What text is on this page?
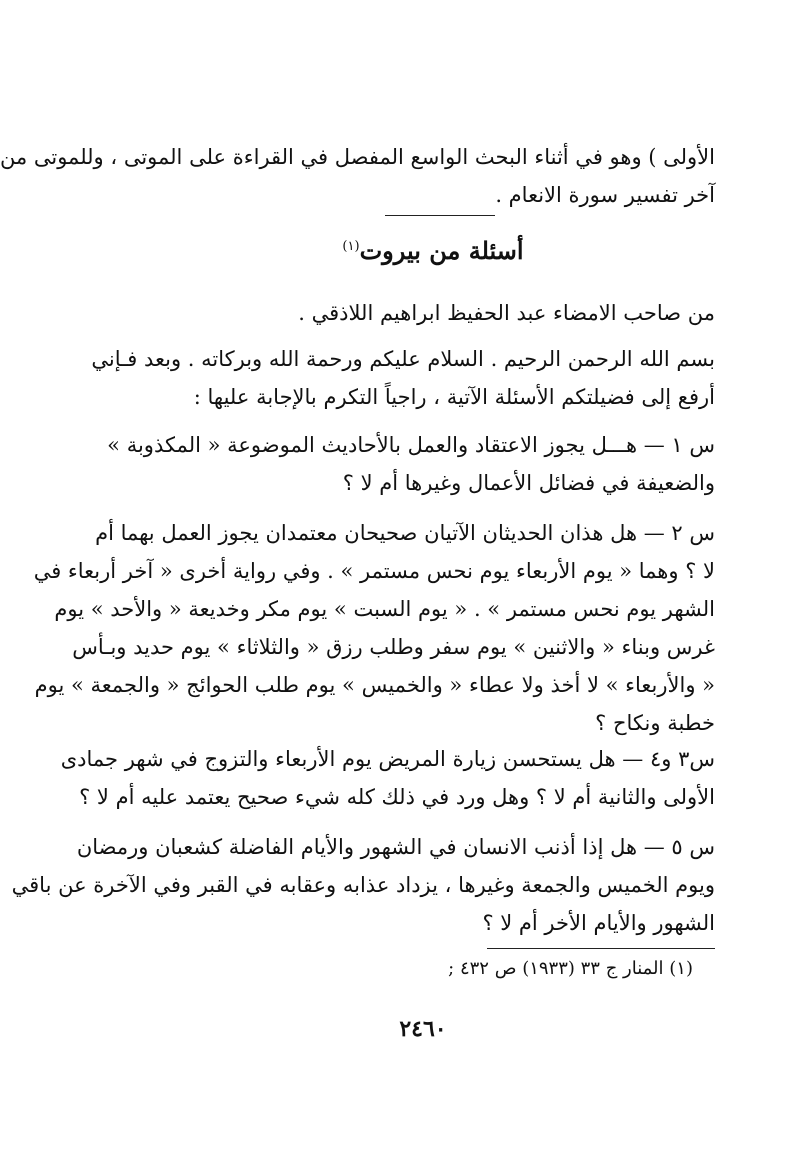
الأولى ) وهو في أثناء البحث الواسع المفصل في القراءة على الموتى ، وللموتى من
آخر تفسير سورة الانعام .
أسئلة من بيروت$^{(١)}$
من صاحب الامضاء عبد الحفيظ ابراهيم اللاذقي .
بسم الله الرحمن الرحيم . السلام عليكم ورحمة الله وبركاته . وبعد فـإني
أرفع إلى فضيلتكم الأسئلة الآتية ، راجياً التكرم بالإجابة عليها :
س ١ — هـــل يجوز الاعتقاد والعمل بالأحاديث الموضوعة « المكذوبة »
والضعيفة في فضائل الأعمال وغيرها أم لا ؟
س ٢ — هل هذان الحديثان الآتيان صحيحان معتمدان يجوز العمل بهما أم
لا ؟ وهما « يوم الأربعاء يوم نحس مستمر » . وفي رواية أخرى « آخر أربعاء في
الشهر يوم نحس مستمر » . « يوم السبت » يوم مكر وخديعة « والأحد » يوم
غرس وبناء « والاثنين » يوم سفر وطلب رزق « والثلاثاء » يوم حديد وبـأس
« والأربعاء » لا أخذ ولا عطاء « والخميس » يوم طلب الحوائج « والجمعة » يوم
خطبة ونكاح ؟
س٣ و٤ — هل يستحسن زيارة المريض يوم الأربعاء والتزوج في شهر جمادى
الأولى والثانية أم لا ؟ وهل ورد في ذلك كله شيء صحيح يعتمد عليه أم لا ؟
س ٥ — هل إذا أذنب الانسان في الشهور والأيام الفاضلة كشعبان ورمضان
ويوم الخميس والجمعة وغيرها ، يزداد عذابه وعقابه في القبر وفي الآخرة عن باقي
الشهور والأيام الأخر أم لا ؟
(١) المنار ج ٣٣ (١٩٣٣) ص ٤٣٢ ;
٢٤٦٠
